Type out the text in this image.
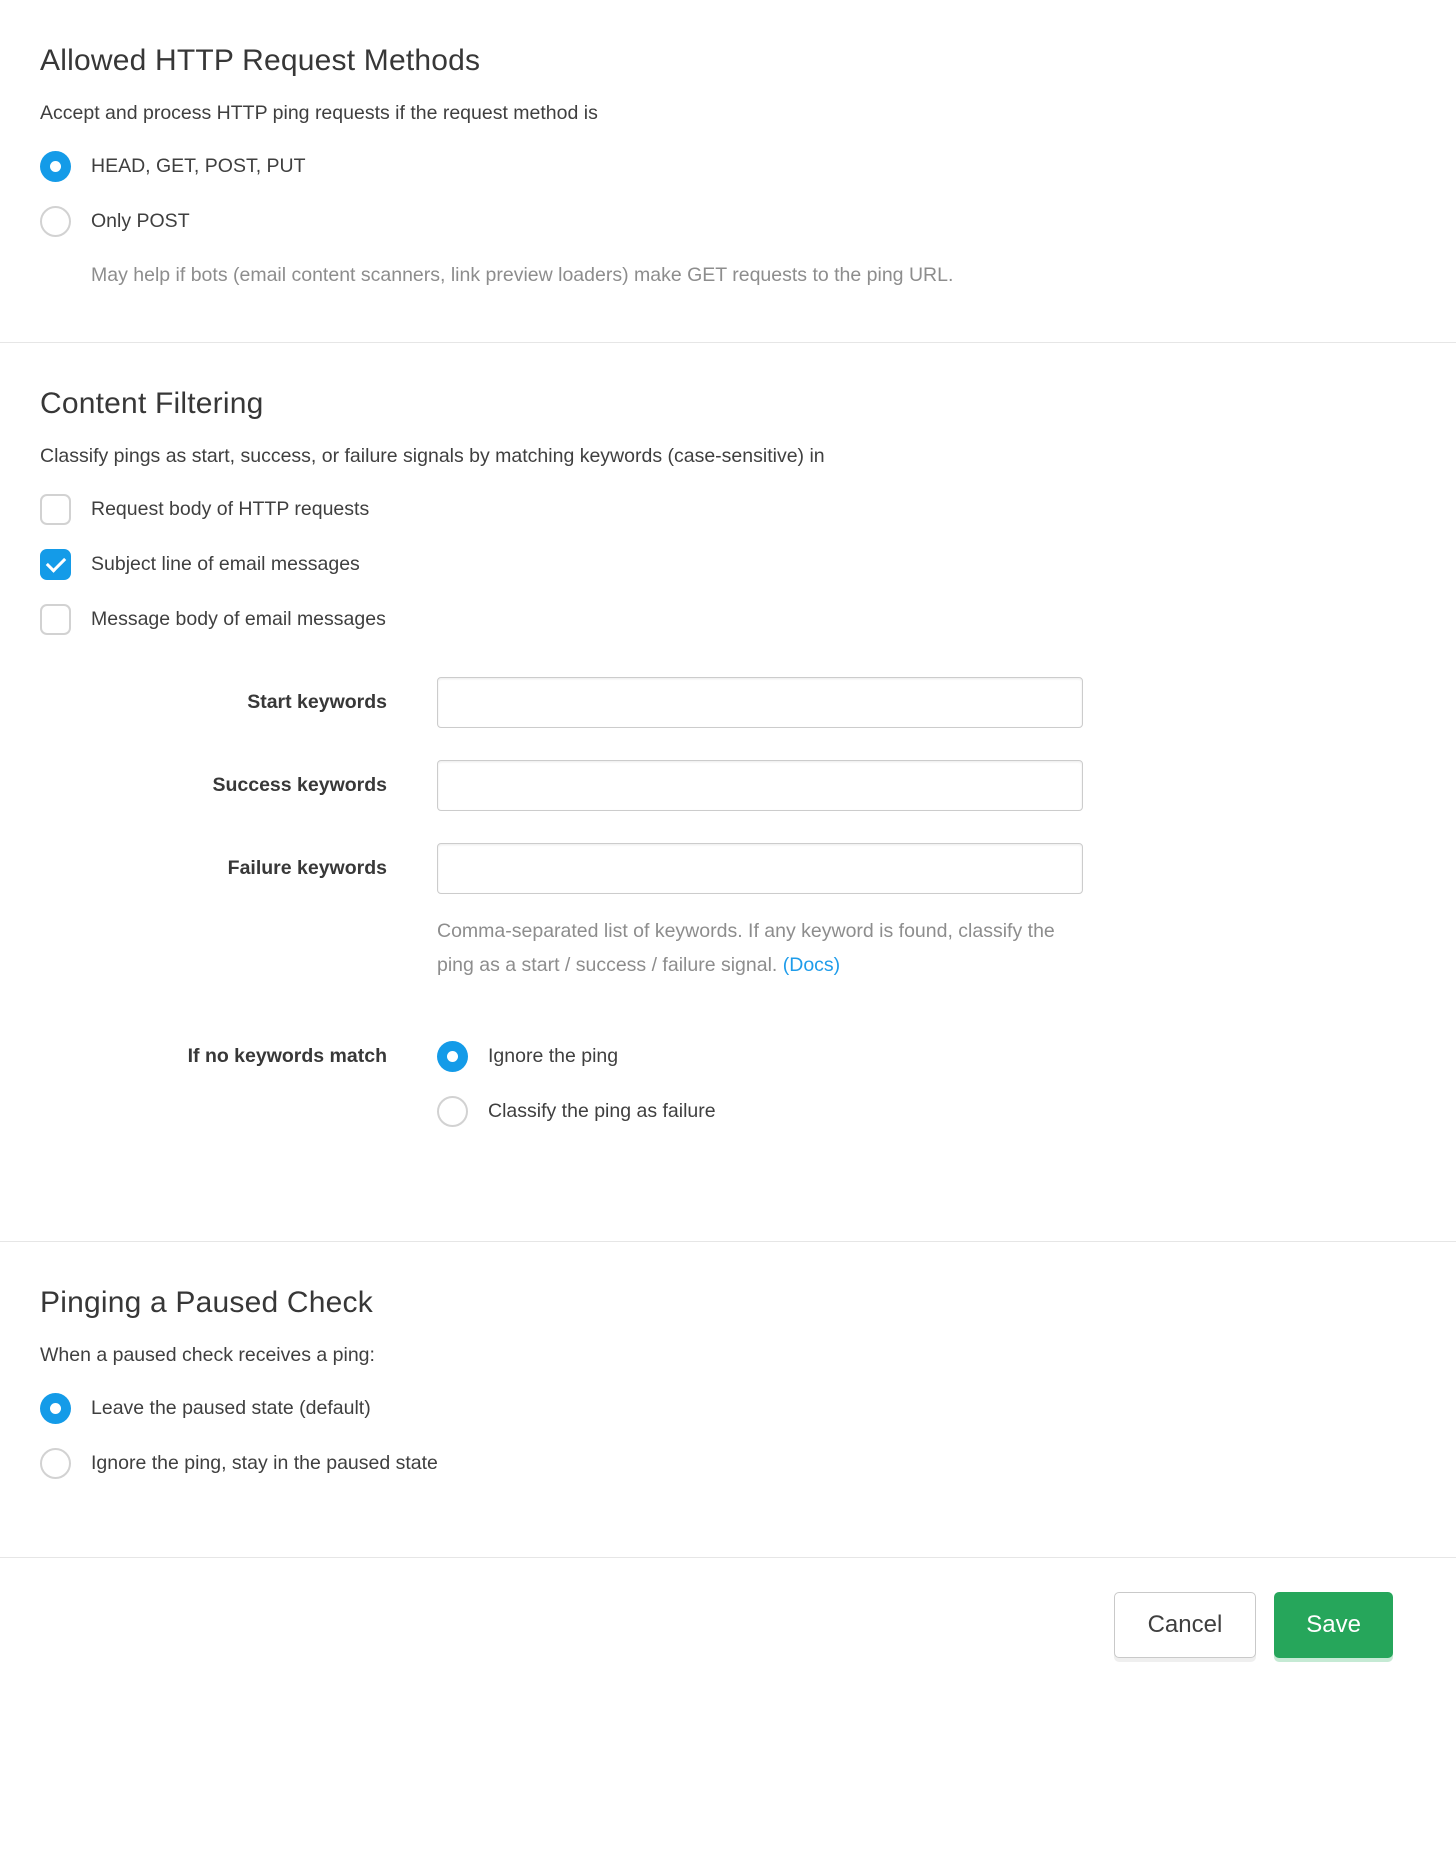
Allowed HTTP Request Methods

Accept and process HTTP ping requests if the request method is

HEAD, GET, POST, PUT
Only POST

May help if bots (email content scanners, link preview loaders) make GET requests to the ping URL.

Content Filtering

Classify pings as start, success, or failure signals by matching keywords (case-sensitive) in

Request body of HTTP requests
Subject line of email messages
Message body of email messages
Start keywords
Success keywords
Failure keywords

Comma-separated list of keywords. If any keyword is found, classify the ping as a start / success / failure signal. (Docs)

If no keywords match	Ignore the ping
Classify the ping as failure
Pinging a Paused Check

When a paused check receives a ping:

Leave the paused state (default)
Ignore the ping, stay in the paused state
Cancel	Save
